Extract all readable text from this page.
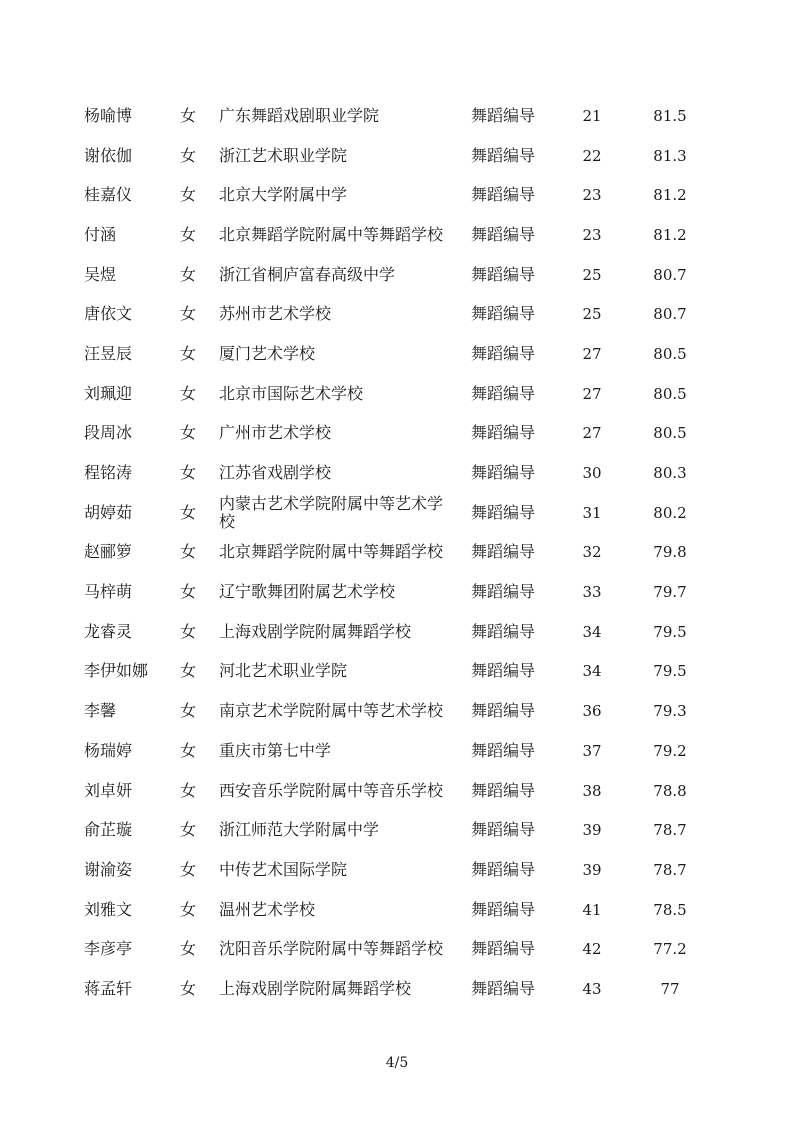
杨喻博	女 广东舞蹈戏剧职业学院	舞蹈编导	21	81.5
谢依伽	女 浙江艺术职业学院	舞蹈编导	22	81.3
桂嘉仪	女 北京大学附属中学	舞蹈编导	23	81.2
付涵	女 北京舞蹈学院附属中等舞蹈学校	舞蹈编导	23	81.2
吴煜	女 浙江省桐庐富春高级中学	舞蹈编导	25	80.7
唐依文	女 苏州市艺术学校	舞蹈编导	25	80.7
汪昱辰	女 厦门艺术学校	舞蹈编导	27	80.5
刘珮迎	女 北京市国际艺术学校	舞蹈编导	27	80.5
段周冰	女 广州市艺术学校	舞蹈编导	27	80.5
程铭涛	女 江苏省戏剧学校	舞蹈编导	30	80.3
胡婷茹	女 内蒙古艺术学院附属中等艺术学校	舞蹈编导	31	80.2
赵郦箩	女 北京舞蹈学院附属中等舞蹈学校	舞蹈编导	32	79.8
马梓萌	女 辽宁歌舞团附属艺术学校	舞蹈编导	33	79.7
龙睿灵	女 上海戏剧学院附属舞蹈学校	舞蹈编导	34	79.5
李伊如娜 女 河北艺术职业学院	舞蹈编导	34	79.5
李馨	女 南京艺术学院附属中等艺术学校	舞蹈编导	36	79.3
杨瑞婷	女 重庆市第七中学	舞蹈编导	37	79.2
刘卓妍	女 西安音乐学院附属中等音乐学校	舞蹈编导	38	78.8
俞芷璇	女 浙江师范大学附属中学	舞蹈编导	39	78.7
谢渝姿	女 中传艺术国际学院	舞蹈编导	39	78.7
刘雅文	女 温州艺术学校	舞蹈编导	41	78.5
李彦亭	女 沈阳音乐学院附属中等舞蹈学校	舞蹈编导	42	77.2
蒋孟轩	女 上海戏剧学院附属舞蹈学校	舞蹈编导	43	77
4/5
